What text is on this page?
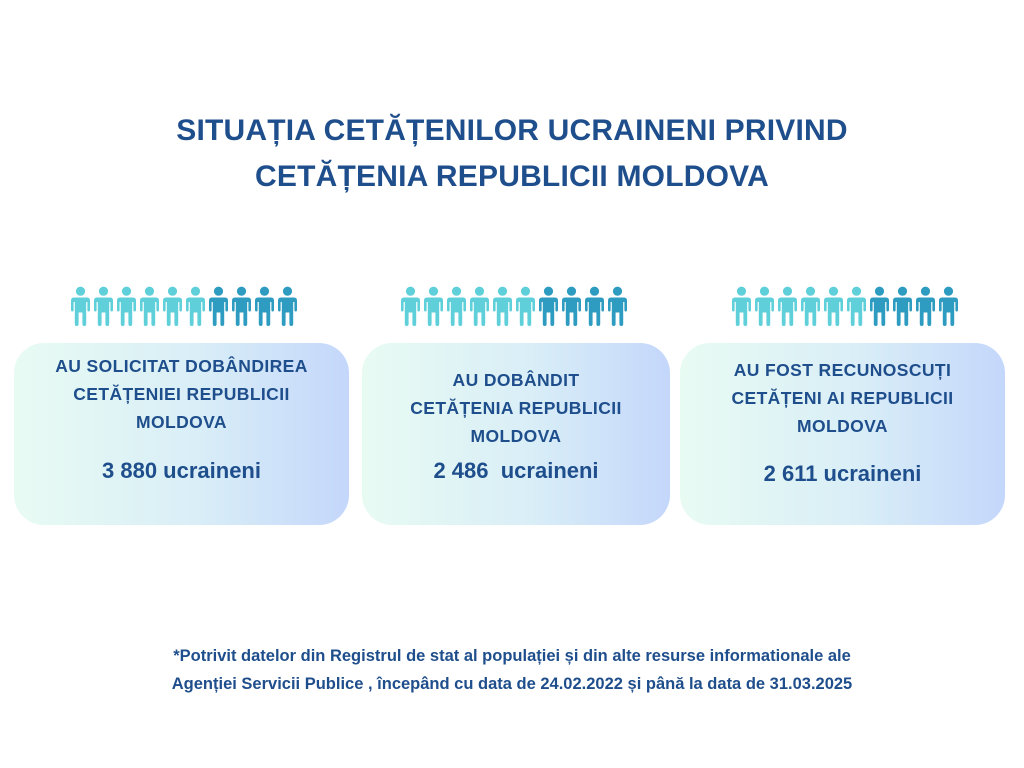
SITUAȚIA CETĂȚENILOR UCRAINENI PRIVIND
CETĂȚENIA REPUBLICII MOLDOVA
AU SOLICITAT DOBÂNDIREA
CETĂȚENIEI REPUBLICII
MOLDOVA
3 880 ucraineni
AU DOBÂNDIT
CETĂȚENIA REPUBLICII
MOLDOVA
2 486  ucraineni
AU FOST RECUNOSCUȚI
CETĂȚENI AI REPUBLICII
MOLDOVA
2 611 ucraineni
*Potrivit datelor din Registrul de stat al populației și din alte resurse informationale ale
Agenției Servicii Publice , începând cu data de 24.02.2022 și până la data de 31.03.2025
